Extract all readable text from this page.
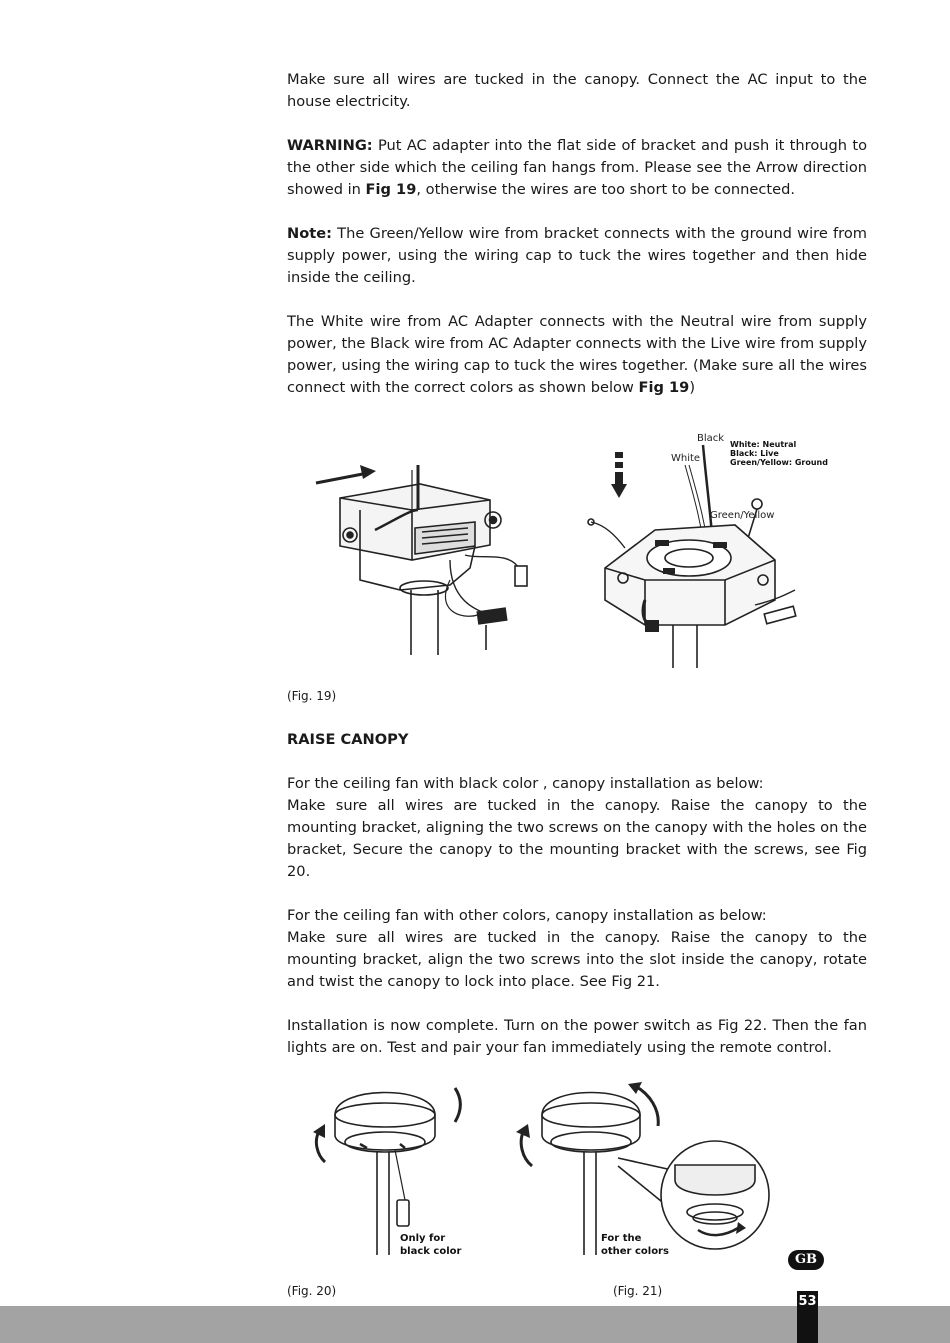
Make sure all wires are tucked in the canopy. Connect the AC input to the house electricity.

WARNING: Put AC adapter into the flat side of bracket and push it through to the other side which the ceiling fan hangs from. Please see the Arrow direction showed in Fig 19, otherwise the wires are too short to be connected.

Note: The Green/Yellow wire from bracket connects with the ground wire from supply power, using the wiring cap to tuck the wires together and then hide inside the ceiling.

The White wire from AC Adapter connects with the Neutral wire from supply power, the Black wire from AC Adapter connects with the Live wire from supply power, using the wiring cap to tuck the wires together. (Make sure all the wires connect with the correct colors as shown below Fig 19)

Black
White
White: Neutral
Black: Live
Green/Yellow: Ground
Green/Yellow
(Fig. 19)

RAISE CANOPY

For the ceiling fan with black color , canopy installation as below:
Make sure all wires are tucked in the canopy. Raise the canopy to the mounting bracket, aligning the two screws on the canopy with the holes on the bracket, Secure the canopy to the mounting bracket with the screws, see Fig 20.

For the ceiling fan with other colors, canopy installation as below:
Make sure all wires are tucked in the canopy. Raise the canopy to the mounting bracket, align the two screws into the slot inside the canopy, rotate and twist the canopy to lock into place. See Fig 21.

Installation is now complete. Turn on the power switch as Fig 22. Then the fan lights are on. Test and pair your fan immediately using the remote control.

Only for
black color
For the
other colors
GB
(Fig. 20)	(Fig. 21)
53
